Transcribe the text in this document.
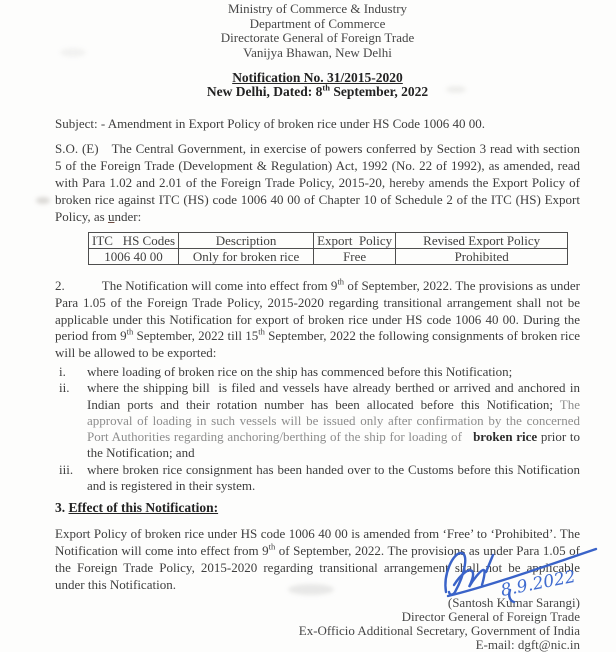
Ministry of Commerce & Industry
Department of Commerce
Directorate General of Foreign Trade
Vanijya Bhawan, New Delhi
Notification No. 31/2015-2020
New Delhi, Dated: 8th September, 2022

Subject: - Amendment in Export Policy of broken rice under HS Code 1006 40 00.

S.O. (E) The Central Government, in exercise of powers conferred by Section 3 read with section 5 of the Foreign Trade (Development & Regulation) Act, 1992 (No. 22 of 1992), as amended, read with Para 1.02 and 2.01 of the Foreign Trade Policy, 2015-20, hereby amends the Export Policy of broken rice against ITC (HS) code 1006 40 00 of Chapter 10 of Schedule 2 of the ITC (HS) Export Policy, as under:

ITC   HS Codes	Description	Export  Policy	Revised Export Policy
1006 40 00	Only for broken rice	Free	Prohibited

2.	The Notification will come into effect from 9th of September, 2022. The provisions as under Para 1.05 of the Foreign Trade Policy, 2015-2020 regarding transitional arrangement shall not be applicable under this Notification for export of broken rice under HS code 1006 40 00. During the period from 9th September, 2022 till 15th September, 2022 the following consignments of broken rice will be allowed to be exported:

i.	where loading of broken rice on the ship has commenced before this Notification;
ii.	where the shipping bill  is filed and vessels have already berthed or arrived and anchored in Indian ports and their rotation number has been allocated before this Notification; The approval of loading in such vessels will be issued only after confirmation by the concerned Port Authorities regarding anchoring/berthing of the ship for loading of   broken rice prior to the Notification; and
iii.	where broken rice consignment has been handed over to the Customs before this Notification and is registered in their system.

3. Effect of this Notification:

Export Policy of broken rice under HS code 1006 40 00 is amended from ‘Free’ to ‘Prohibited’. The Notification will come into effect from 9th of September, 2022. The provisions as under Para 1.05 of the Foreign Trade Policy, 2015-2020 regarding transitional arrangement shall not be applicable under this Notification.	8.9.2022
(Santosh Kumar Sarangi)
Director General of Foreign Trade
Ex-Officio Additional Secretary, Government of India
E-mail: dgft@nic.in
